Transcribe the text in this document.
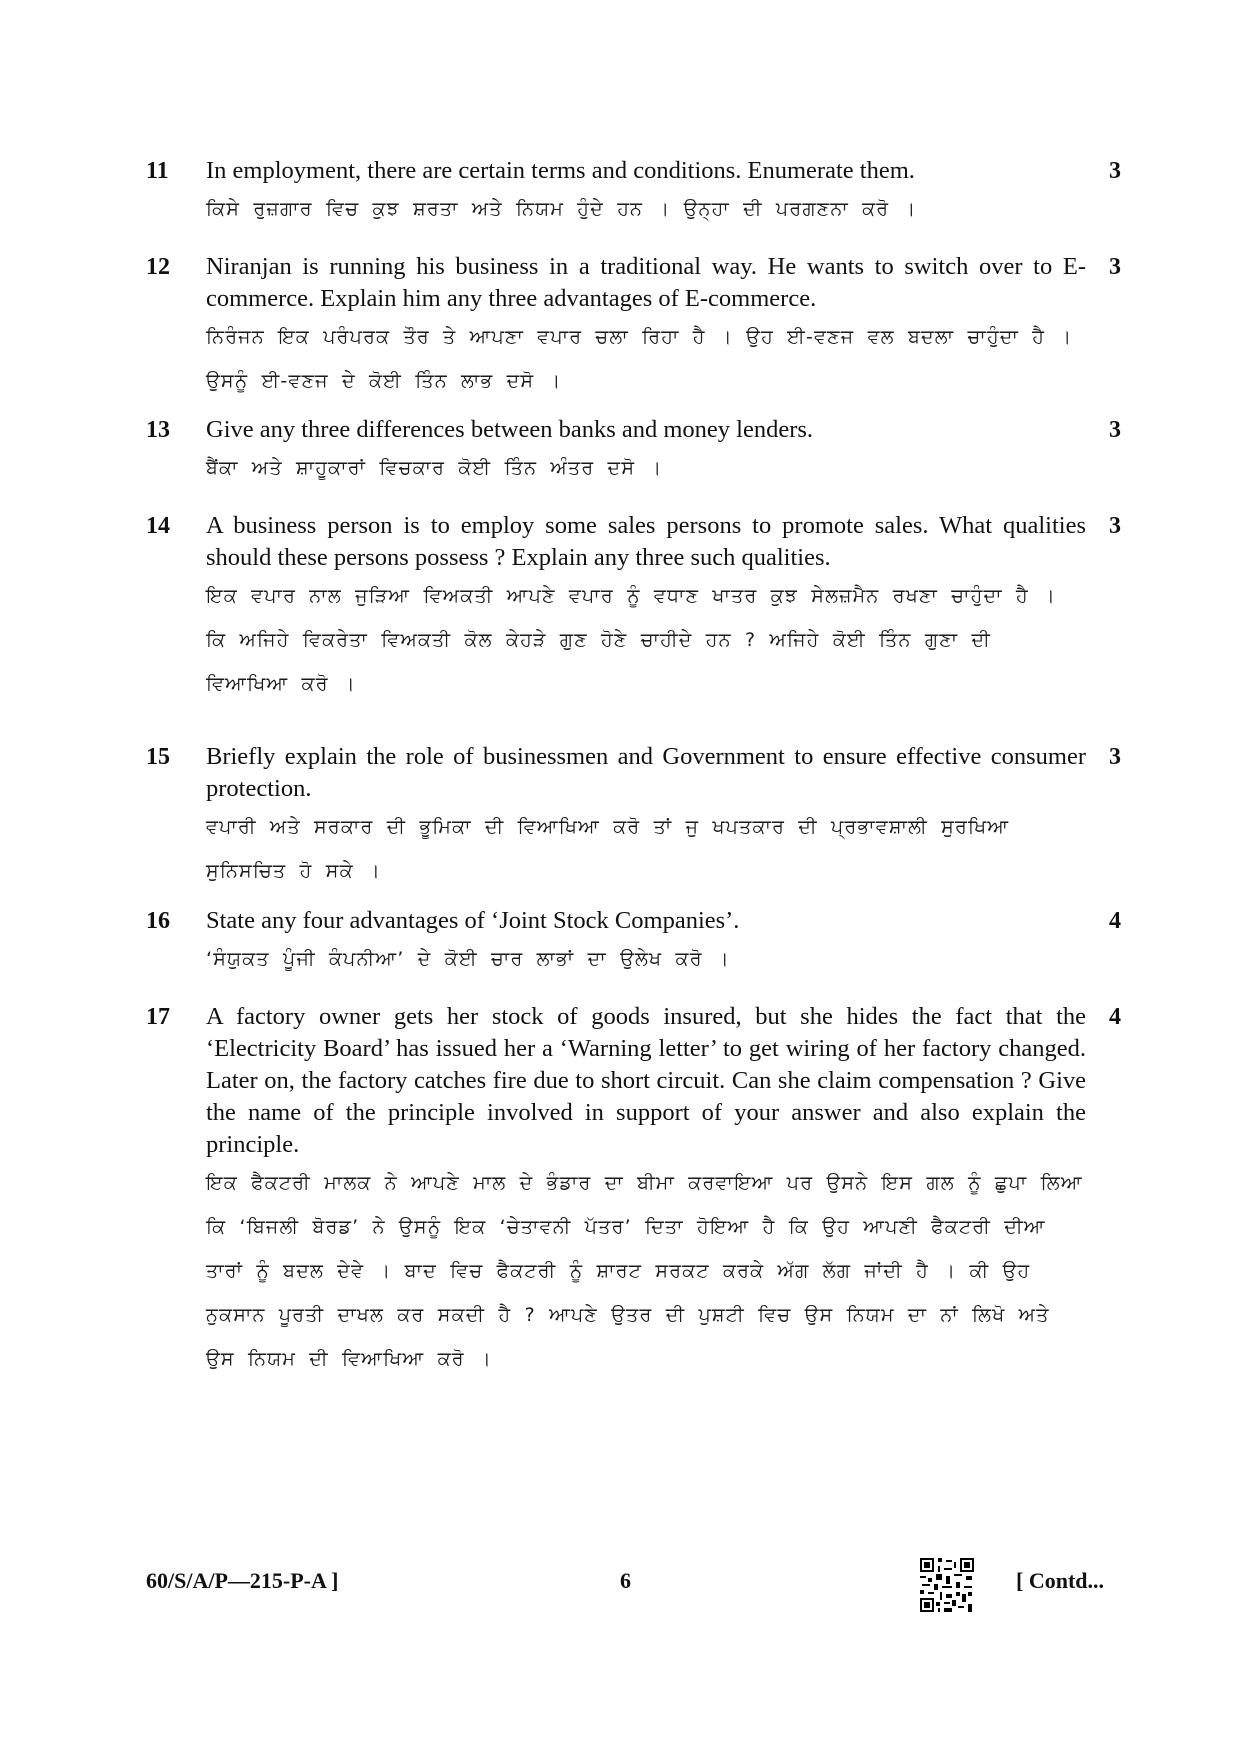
11 In employment, there are certain terms and conditions. Enumerate them.

ਕਿਸੇ ਰੁਜ਼ਗਾਰ ਵਿਚ ਕੁਝ ਸ਼ਰਤਾ ਅਤੇ ਨਿਯਮ ਹੁੰਦੇ ਹਨ । ਉਨ੍ਹਾ ਦੀ ਪਰਗਣਨਾ ਕਰੋ ।

3
12 Niranjan is running his business in a traditional way. He wants to switch over to E-commerce. Explain him any three advantages of E-commerce.

ਨਿਰੰਜਨ ਇਕ ਪਰੰਪਰਕ ਤੌਰ ਤੇ ਆਪਣਾ ਵਪਾਰ ਚਲਾ ਰਿਹਾ ਹੈ । ਉਹ ਈ-ਵਣਜ ਵਲ ਬਦਲਾ ਚਾਹੁੰਦਾ ਹੈ । ਉਸਨੂੰ ਈ-ਵਣਜ ਦੇ ਕੋਈ ਤਿੰਨ ਲਾਭ ਦਸੋ ।

3
13 Give any three differences between banks and money lenders.

ਬੈਂਕਾ ਅਤੇ ਸ਼ਾਹੂਕਾਰਾਂ ਵਿਚਕਾਰ ਕੋਈ ਤਿੰਨ ਅੰਤਰ ਦਸੋ ।

3
14 A business person is to employ some sales persons to promote sales. What qualities should these persons possess ? Explain any three such qualities.

ਇਕ ਵਪਾਰ ਨਾਲ ਜੁੜਿਆ ਵਿਅਕਤੀ ਆਪਣੇ ਵਪਾਰ ਨੂੰ ਵਧਾਣ ਖਾਤਰ ਕੁਝ ਸੇਲਜ਼ਮੈਨ ਰਖਣਾ ਚਾਹੁੰਦਾ ਹੈ । ਕਿ ਅਜਿਹੇ ਵਿਕਰੇਤਾ ਵਿਅਕਤੀ ਕੋਲ ਕੇਹੜੇ ਗੁਣ ਹੋਣੇ ਚਾਹੀਦੇ ਹਨ ? ਅਜਿਹੇ ਕੋਈ ਤਿੰਨ ਗੁਣਾ ਦੀ ਵਿਆਖਿਆ ਕਰੋ ।

3
15 Briefly explain the role of businessmen and Government to ensure effective consumer protection.

ਵਪਾਰੀ ਅਤੇ ਸਰਕਾਰ ਦੀ ਭੂਮਿਕਾ ਦੀ ਵਿਆਖਿਆ ਕਰੋ ਤਾਂ ਜੁ ਖਪਤਕਾਰ ਦੀ ਪ੍ਰਭਾਵਸ਼ਾਲੀ ਸੁਰਖਿਆ ਸੁਨਿਸਚਿਤ ਹੋ ਸਕੇ ।

3
16 State any four advantages of ‘Joint Stock Companies’.

‘ਸੰਯੁਕਤ ਪੂੰਜੀ ਕੰਪਨੀਆ’ ਦੇ ਕੋਈ ਚਾਰ ਲਾਭਾਂ ਦਾ ਉਲੇਖ ਕਰੋ ।

4
17 A factory owner gets her stock of goods insured, but she hides the fact that the ‘Electricity Board’ has issued her a ‘Warning letter’ to get wiring of her factory changed. Later on, the factory catches fire due to short circuit. Can she claim compensation ? Give the name of the principle involved in support of your answer and also explain the principle.

ਇਕ ਫੈਕਟਰੀ ਮਾਲਕ ਨੇ ਆਪਣੇ ਮਾਲ ਦੇ ਭੰਡਾਰ ਦਾ ਬੀਮਾ ਕਰਵਾਇਆ ਪਰ ਉਸਨੇ ਇਸ ਗਲ ਨੂੰ ਛੁਪਾ ਲਿਆ ਕਿ ‘ਬਿਜਲੀ ਬੋਰਡ’ ਨੇ ਉਸਨੂੰ ਇਕ ‘ਚੇਤਾਵਨੀ ਪੱਤਰ’ ਦਿਤਾ ਹੋਇਆ ਹੈ ਕਿ ਉਹ ਆਪਣੀ ਫੈਕਟਰੀ ਦੀਆ ਤਾਰਾਂ ਨੂੰ ਬਦਲ ਦੇਵੇ । ਬਾਦ ਵਿਚ ਫੈਕਟਰੀ ਨੂੰ ਸ਼ਾਰਟ ਸਰਕਟ ਕਰਕੇ ਅੱਗ ਲੱਗ ਜਾਂਦੀ ਹੈ । ਕੀ ਉਹ ਨੁਕਸਾਨ ਪੂਰਤੀ ਦਾਖਲ ਕਰ ਸਕਦੀ ਹੈ ? ਆਪਣੇ ਉਤਰ ਦੀ ਪੁਸ਼ਟੀ ਵਿਚ ਉਸ ਨਿਯਮ ਦਾ ਨਾਂ ਲਿਖੋ ਅਤੇ ਉਸ ਨਿਯਮ ਦੀ ਵਿਆਖਿਆ ਕਰੋ ।

4
60/S/A/P—215-P-A ]	6	[ Contd...
